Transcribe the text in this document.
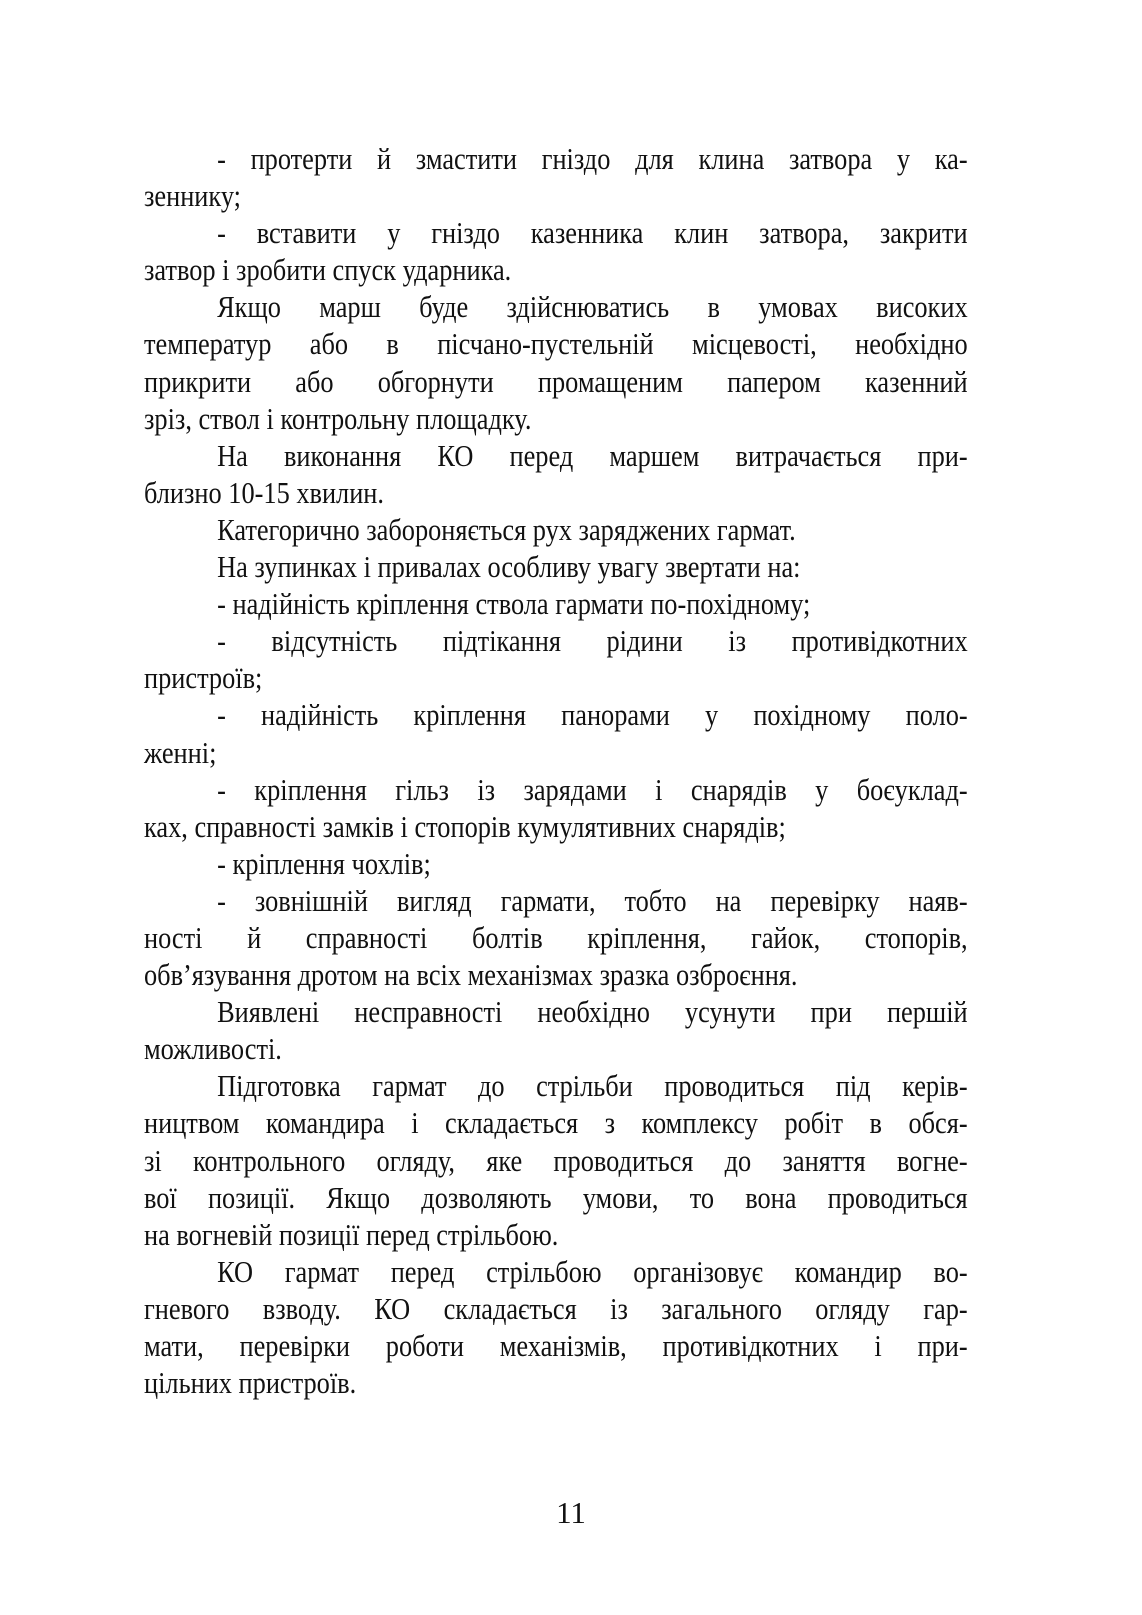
- протерти й змастити гніздо для клина затвора у ка-
зеннику;
- вставити у гніздо казенника клин затвора, закрити
затвор і зробити спуск ударника.
Якщо марш буде здійснюватись в умовах високих
температур або в пісчано-пустельній місцевості, необхідно
прикрити або обгорнути промащеним папером казенний
зріз, ствол і контрольну площадку.
На виконання КО перед маршем витрачається при-
близно 10-15 хвилин.
Категорично забороняється рух заряджених гармат.
На зупинках і привалах особливу увагу звертати на:
- надійність кріплення ствола гармати по-похідному;
- відсутність підтікання рідини із противідкотних
пристроїв;
- надійність кріплення панорами у похідному поло-
женні;
- кріплення гільз із зарядами і снарядів у боєуклад-
ках, справності замків і стопорів кумулятивних снарядів;
- кріплення чохлів;
- зовнішній вигляд гармати, тобто на перевірку наяв-
ності й справності болтів кріплення, гайок, стопорів,
обв’язування дротом на всіх механізмах зразка озброєння.
Виявлені несправності необхідно усунути при першій
можливості.
Підготовка гармат до стрільби проводиться під керів-
ництвом командира і складається з комплексу робіт в обся-
зі контрольного огляду, яке проводиться до заняття вогне-
вої позиції. Якщо дозволяють умови, то вона проводиться
на вогневій позиції перед стрільбою.
КО гармат перед стрільбою організовує командир во-
гневого взводу. КО складається із загального огляду гар-
мати, перевірки роботи механізмів, противідкотних і при-
цільних пристроїв.
11
